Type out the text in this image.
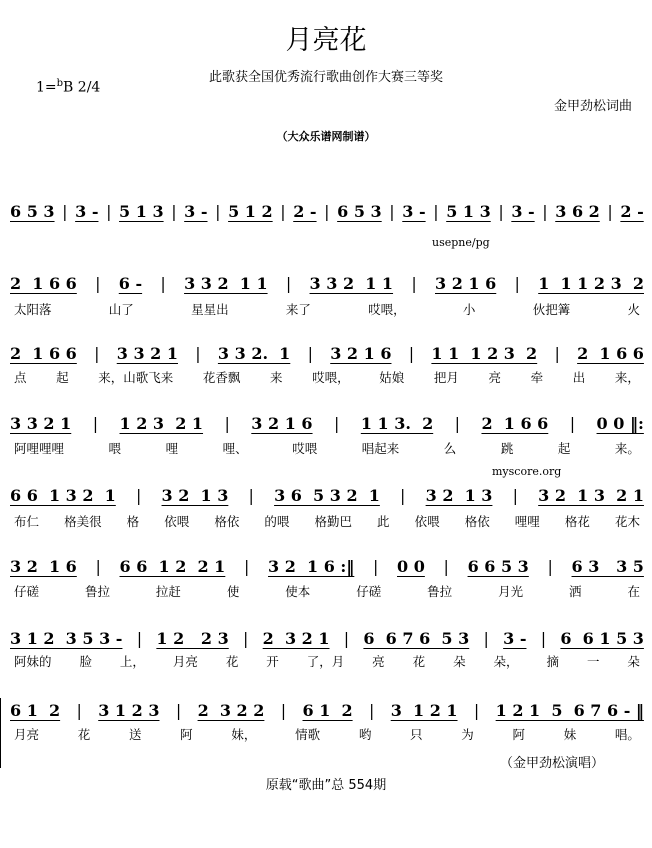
月亮花
此歌获全国优秀流行歌曲创作大赛三等奖
1=$^b$B 2/4
金甲劲松词曲
（大众乐谱网制谱）
6 5 3 | 3 - | 5 1 3 | 3 - | 5 1 2 | 2 - | 6 5 3 | 3 - | 5 1 3 | 3 - | 3 6 2 | 2 -
2  1 6 6 | 6 - | 3 3 2  1 1 | 3 3 2  1 1 | 3 2 1 6 | 1  1 1 2 3  2
太阳落	山了	星星出	来了	哎喂，	小	伙把篝	火
2  1 6 6 | 3 3 2 1 | 3 3 2.  1 | 3 2 1 6 | 1 1  1 2 3  2 | 2  1 6 6
点 起 来，山歌飞来 花香飘 来 哎喂， 姑娘 把月 亮 牵 出 来，
3 3 2 1 | 1 2 3  2 1 | 3 2 1 6 | 1 1 3.  2 | 2  1 6 6 | 0 0 ‖:
阿哩哩哩	喂	哩	哩、	哎喂	唱起来	么	跳	起	来。
6 6  1 3 2  1 | 3 2  1 3 | 3 6  5 3 2  1 | 3 2  1 3 | 3 2  1 3  2 1
布仁 格美很 格 依喂 格依 的喂 格勤巴 此 依喂 格依 哩哩 格花 花木
3 2  1 6 | 6 6  1 2  2 1 | 3 2  1 6 :‖ | 0 0 | 6 6 5 3 | 6 3   3 5
仔磋	鲁拉	拉赶	使	使本	仔磋	鲁拉	月光	洒	在
3 1 2  3 5 3 - | 1 2   2 3 | 2  3 2 1 | 6  6 7 6  5 3 | 3 - | 6  6 1 5 3
阿妹的 脸 上， 月亮 花 开 了，月 亮 花 朵 朵， 摘 一 朵
6 1  2 | 3 1 2 3 | 2  3 2 2 | 6 1  2 | 3  1 2 1 | 1 2 1  5  6 7 6 - ‖
月亮	花	送	阿	妹，	情歌	哟	只	为	阿	妹	唱。
usepne/pg
myscore.org
（金甲劲松演唱）
原载“歌曲”总 554期
